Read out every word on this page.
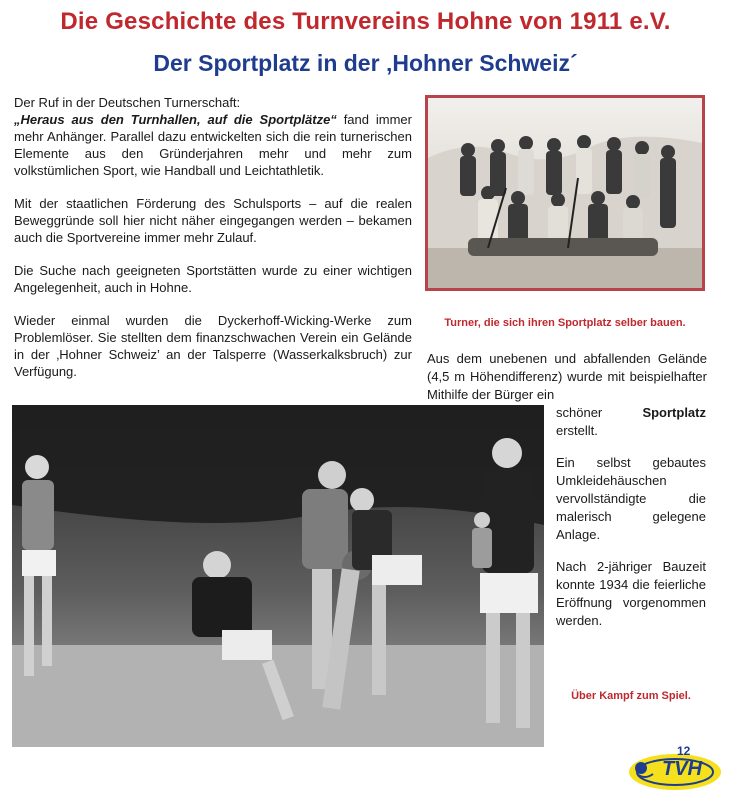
Die Geschichte des Turnvereins Hohne von 1911 e.V.
Der Sportplatz in der ‚Hohner Schweiz´

Der Ruf in der Deutschen Turnerschaft:
„Heraus aus den Turnhallen, auf die Sportplätze“ fand immer mehr Anhänger. Parallel dazu entwickelten sich die rein turnerischen Elemente aus den Gründerjahren mehr und mehr zum volkstümlichen Sport, wie Handball und Leichtathletik.

Mit der staatlichen Förderung des Schulsports – auf die realen Beweggründe soll hier nicht näher eingegangen werden – bekamen auch die Sportvereine immer mehr Zulauf.

Die Suche nach geeigneten Sportstätten wurde zu einer wichtigen Angelegenheit, auch in Hohne.

Wieder einmal wurden die Dyckerhoff-Wicking-Werke zum Problemlöser. Sie stellten dem finanzschwachen Verein ein Gelände in der ‚Hohner Schweiz’ an der Talsperre (Wasserkalksbruch) zur Verfügung.

Turner, die sich ihren Sportplatz selber bauen.

Aus dem unebenen und abfallenden Gelände (4,5 m Höhendifferenz) wurde mit beispielhafter Mithilfe der Bürger ein

schöner Sportplatz erstellt.

Ein selbst gebautes Umkleidehäuschen vervollständigte die malerisch gelegene Anlage.

Nach 2-jähriger Bauzeit konnte 1934 die feierliche Eröffnung vorgenommen werden.

Über Kampf zum Spiel.
12
TVH
